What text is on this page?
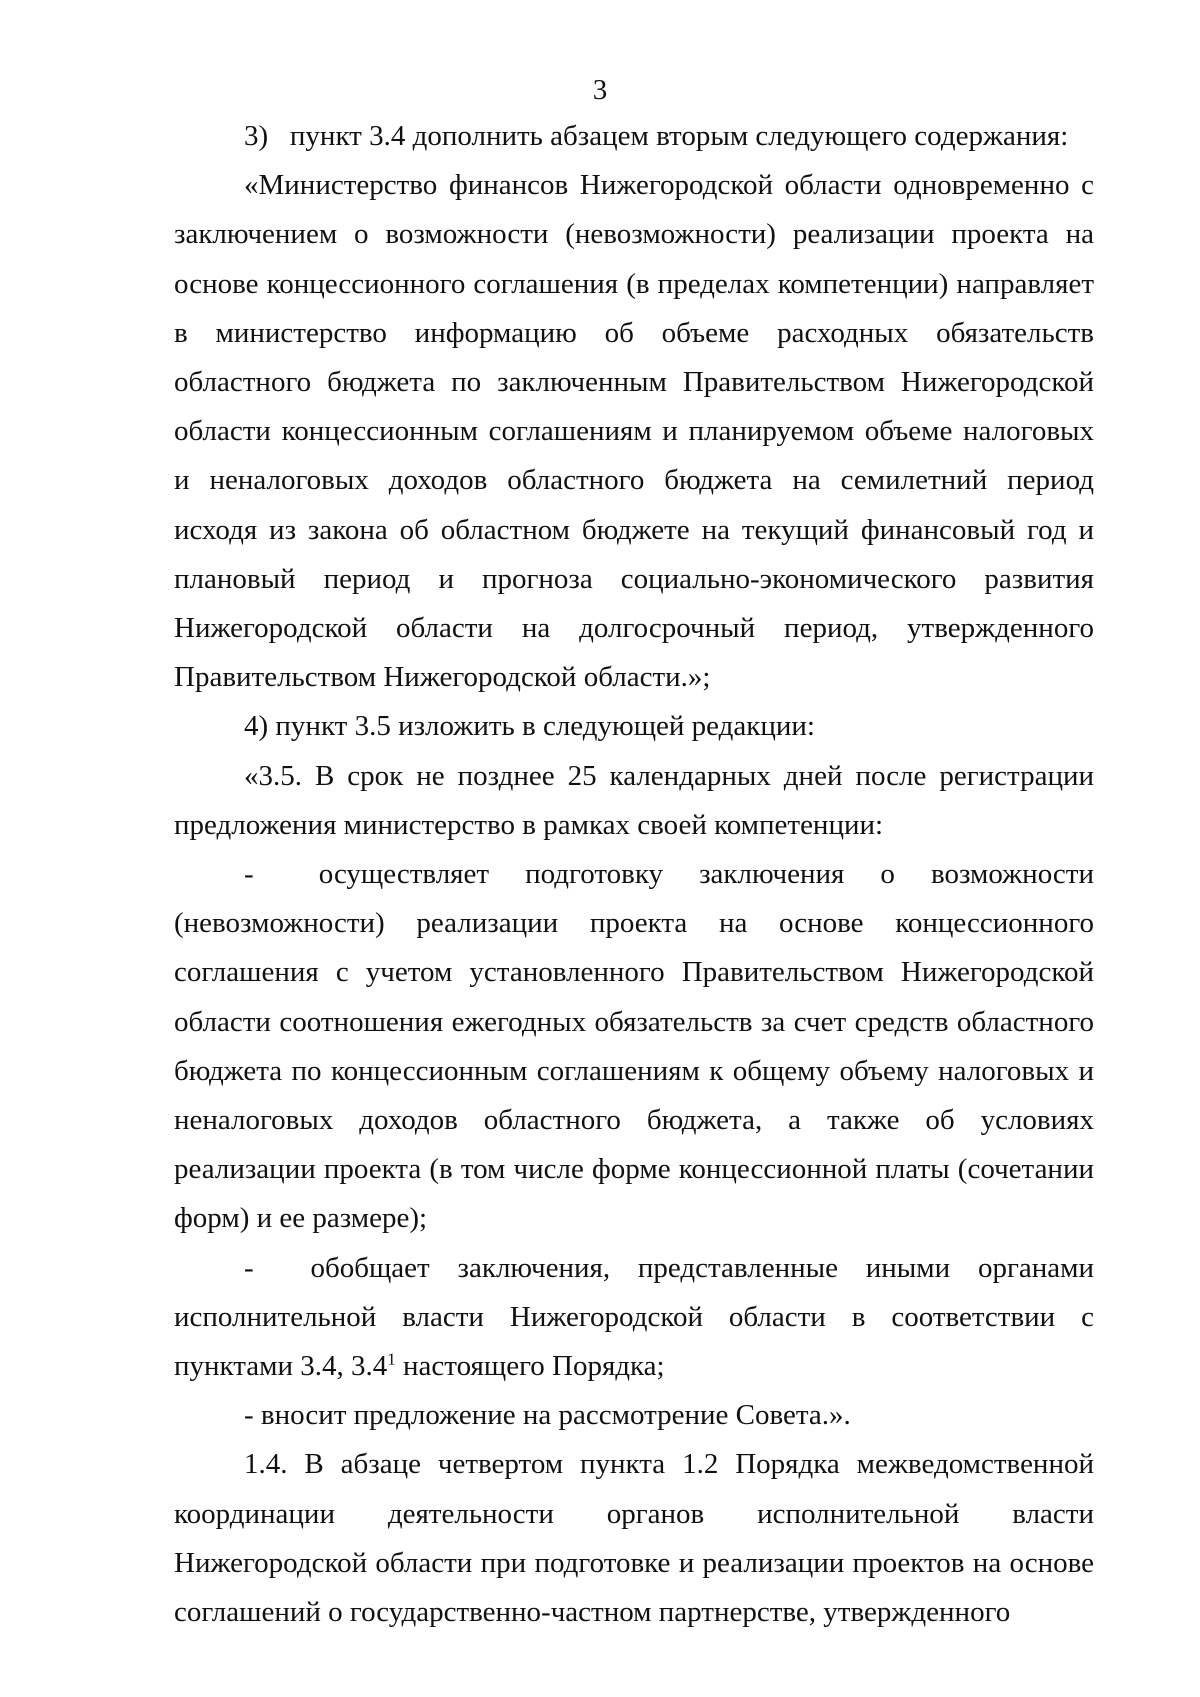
3

3)  пункт 3.4 дополнить абзацем вторым следующего содержания:

«Министерство финансов Нижегородской области одновременно с заключением о возможности (невозможности) реализации проекта на основе концессионного соглашения (в пределах компетенции) направляет в министерство информацию об объеме расходных обязательств областного бюджета по заключенным Правительством Нижегородской области концессионным соглашениям и планируемом объеме налоговых и неналоговых доходов областного бюджета на семилетний период исходя из закона об областном бюджете на текущий финансовый год и плановый период и прогноза социально-экономического развития Нижегородской области на долгосрочный период, утвержденного Правительством Нижегородской области.»;

4) пункт 3.5 изложить в следующей редакции:

«3.5. В срок не позднее 25 календарных дней после регистрации предложения министерство в рамках своей компетенции:

-  осуществляет подготовку заключения о возможности (невозможности) реализации проекта на основе концессионного соглашения с учетом установленного Правительством Нижегородской области соотношения ежегодных обязательств за счет средств областного бюджета по концессионным соглашениям к общему объему налоговых и неналоговых доходов областного бюджета, а также об условиях реализации проекта (в том числе форме концессионной платы (сочетании форм) и ее размере);

-  обобщает заключения, представленные иными органами исполнительной власти Нижегородской области в соответствии с пунктами 3.4, $3.4^1$ настоящего Порядка;

- вносит предложение на рассмотрение Совета.».

1.4. В абзаце четвертом пункта 1.2 Порядка межведомственной координации деятельности органов исполнительной власти Нижегородской области при подготовке и реализации проектов на основе соглашений о государственно-частном партнерстве, утвержденного
